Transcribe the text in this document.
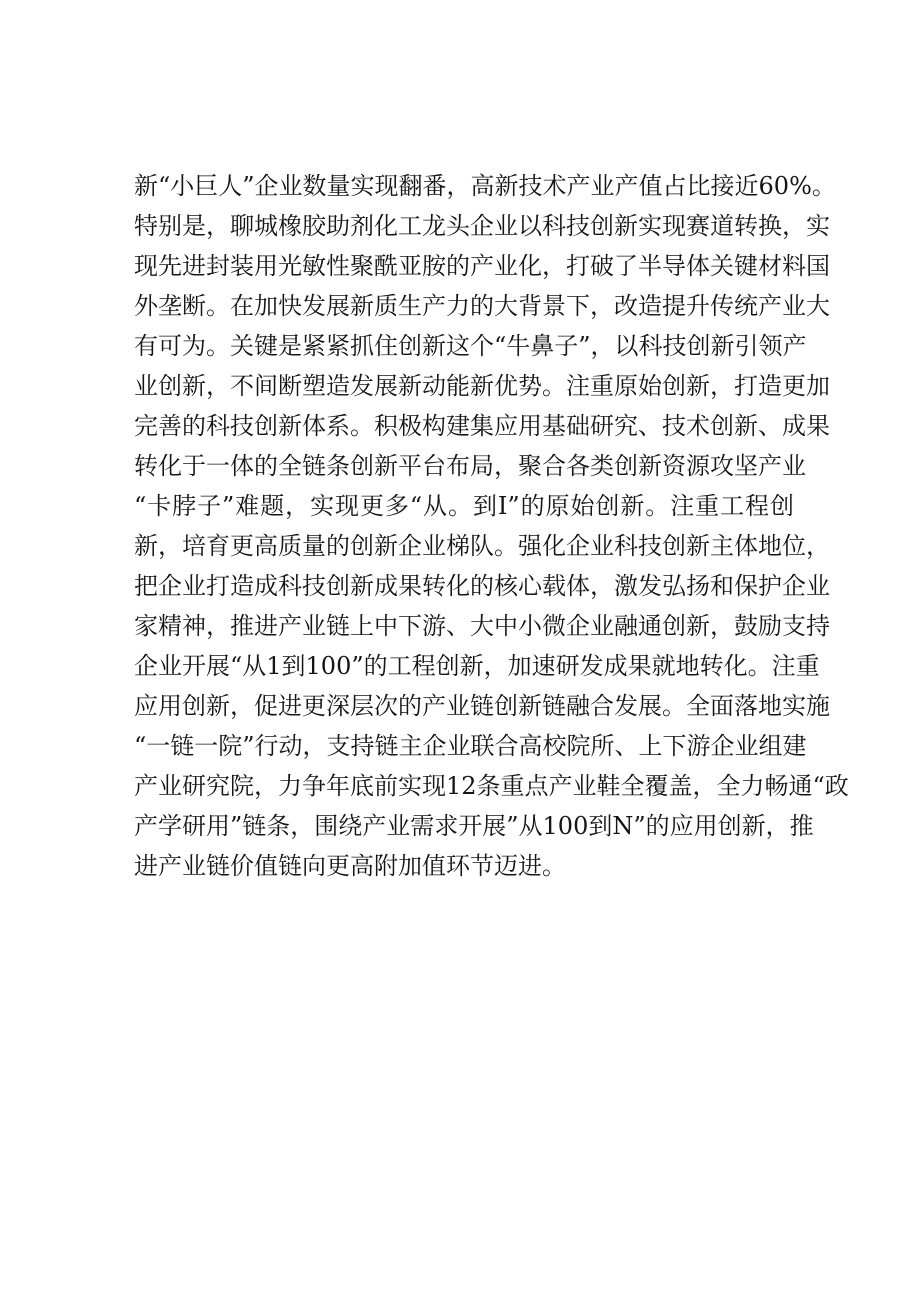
新“小巨人”企业数量实现翻番，高新技术产业产值占比接近60%。
特别是，聊城橡胶助剂化工龙头企业以科技创新实现赛道转换，实
现先进封装用光敏性聚酰亚胺的产业化，打破了半导体关键材料国
外垄断。在加快发展新质生产力的大背景下，改造提升传统产业大
有可为。关键是紧紧抓住创新这个“牛鼻子”，以科技创新引领产
业创新，不间断塑造发展新动能新优势。注重原始创新，打造更加
完善的科技创新体系。积极构建集应用基础研究、技术创新、成果
转化于一体的全链条创新平台布局，聚合各类创新资源攻坚产业
“卡脖子”难题，实现更多“从。到I”的原始创新。注重工程创
新，培育更高质量的创新企业梯队。强化企业科技创新主体地位，
把企业打造成科技创新成果转化的核心载体，激发弘扬和保护企业
家精神，推进产业链上中下游、大中小微企业融通创新，鼓励支持
企业开展“从1到100”的工程创新，加速研发成果就地转化。注重
应用创新，促进更深层次的产业链创新链融合发展。全面落地实施
“一链一院”行动，支持链主企业联合高校院所、上下游企业组建
产业研究院，力争年底前实现12条重点产业鞋全覆盖，全力畅通“政
产学研用”链条，围绕产业需求开展”从100到N”的应用创新，推
进产业链价值链向更高附加值环节迈进。
